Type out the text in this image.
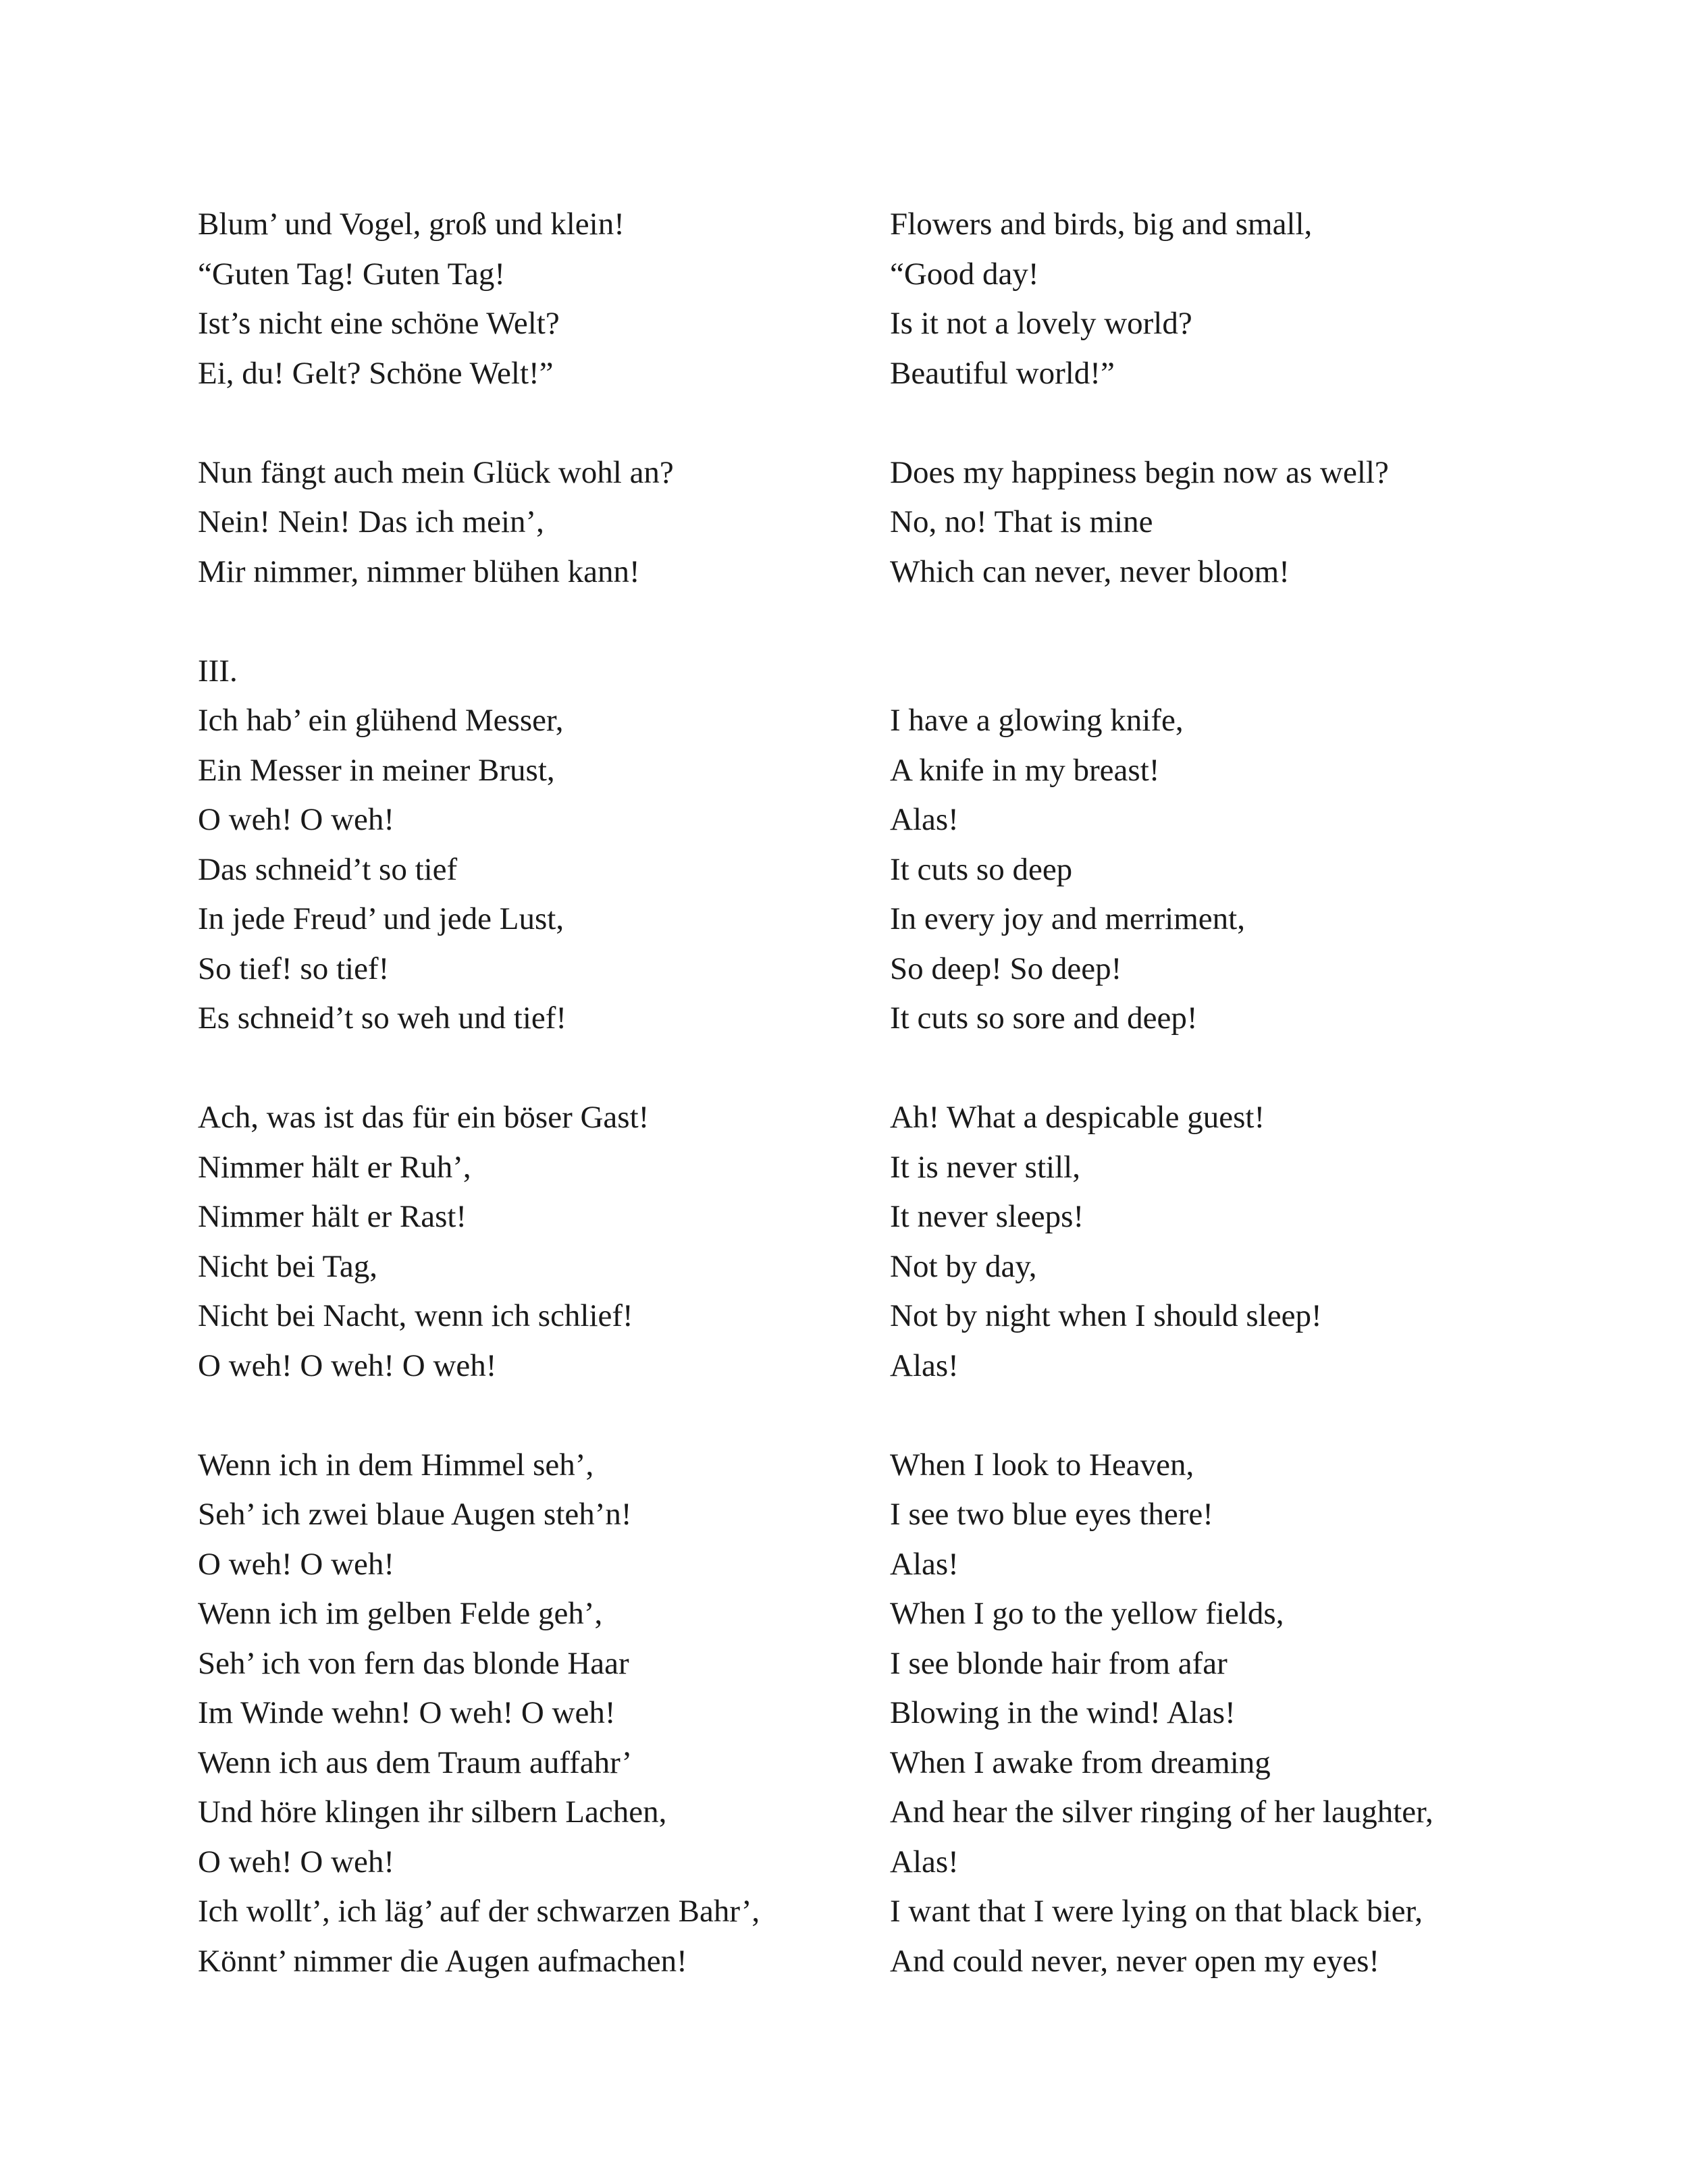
Blum’ und Vogel, groß und klein!
“Guten Tag! Guten Tag!
Ist’s nicht eine schöne Welt?
Ei, du! Gelt? Schöne Welt!”
Nun fängt auch mein Glück wohl an?
Nein! Nein! Das ich mein’,
Mir nimmer, nimmer blühen kann!
III.
Ich hab’ ein glühend Messer,
Ein Messer in meiner Brust,
O weh! O weh!
Das schneid’t so tief
In jede Freud’ und jede Lust,
So tief! so tief!
Es schneid’t so weh und tief!
Ach, was ist das für ein böser Gast!
Nimmer hält er Ruh’,
Nimmer hält er Rast!
Nicht bei Tag,
Nicht bei Nacht, wenn ich schlief!
O weh! O weh! O weh!
Wenn ich in dem Himmel seh’,
Seh’ ich zwei blaue Augen steh’n!
O weh! O weh!
Wenn ich im gelben Felde geh’,
Seh’ ich von fern das blonde Haar
Im Winde wehn! O weh! O weh!
Wenn ich aus dem Traum auffahr’
Und höre klingen ihr silbern Lachen,
O weh! O weh!
Ich wollt’, ich läg’ auf der schwarzen Bahr’,
Könnt’ nimmer die Augen aufmachen!
Flowers and birds, big and small,
“Good day!
Is it not a lovely world?
Beautiful world!”
Does my happiness begin now as well?
No, no! That is mine
Which can never, never bloom!
I have a glowing knife,
A knife in my breast!
Alas!
It cuts so deep
In every joy and merriment,
So deep! So deep!
It cuts so sore and deep!
Ah! What a despicable guest!
It is never still,
It never sleeps!
Not by day,
Not by night when I should sleep!
Alas!
When I look to Heaven,
I see two blue eyes there!
Alas!
When I go to the yellow fields,
I see blonde hair from afar
Blowing in the wind! Alas!
When I awake from dreaming
And hear the silver ringing of her laughter,
Alas!
I want that I were lying on that black bier,
And could never, never open my eyes!
